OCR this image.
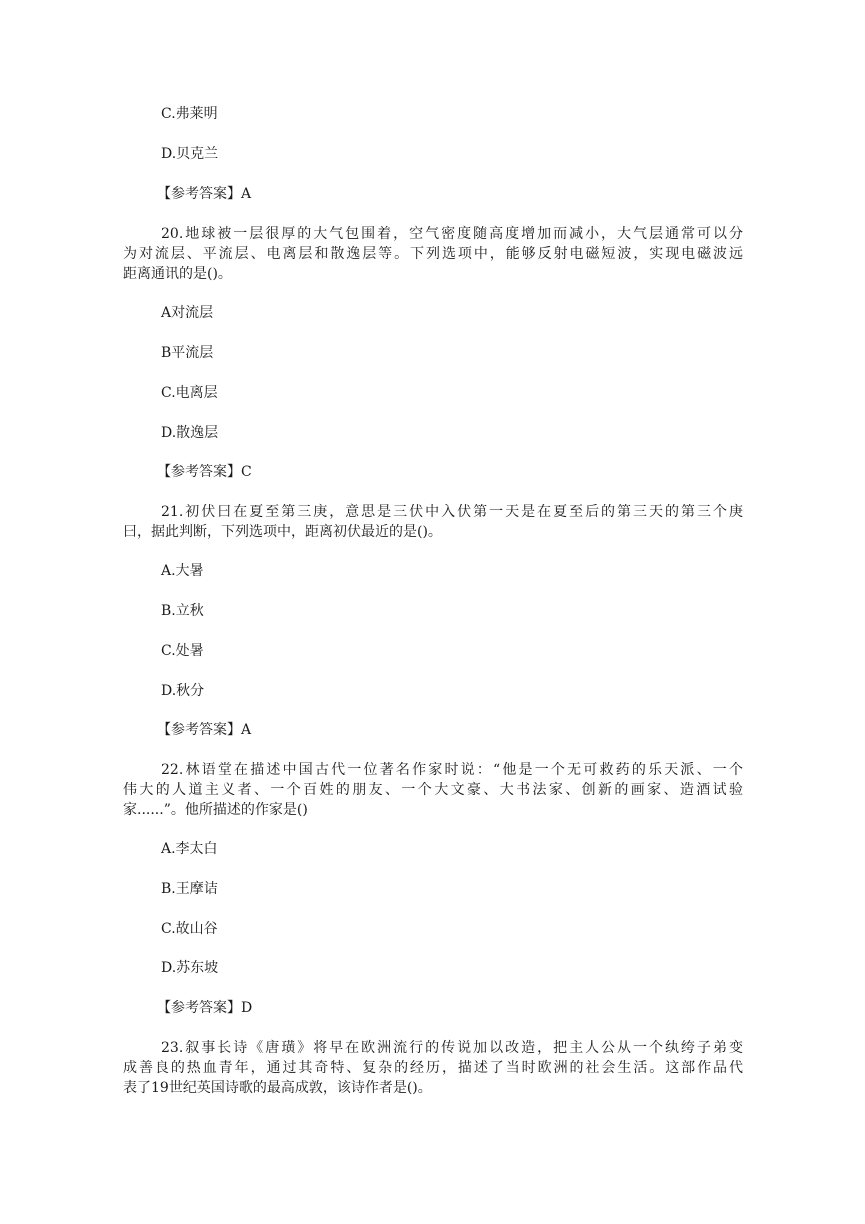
C.弗莱明

D.贝克兰

【参考答案】A

20.地球被一层很厚的大气包围着，空气密度随高度增加而减小，大气层通常可以分
为对流层、平流层、电离层和散逸层等。下列选项中，能够反射电磁短波，实现电磁波远
距离通讯的是()。

A对流层

B平流层

C.电离层

D.散逸层

【参考答案】C

21.初伏曰在夏至第三庚，意思是三伏中入伏第一天是在夏至后的第三天的第三个庚
曰，据此判断，下列选项中，距离初伏最近的是()。

A.大暑

B.立秋

C.处暑

D.秋分

【参考答案】A

22.林语堂在描述中国古代一位著名作家时说：“他是一个无可救药的乐天派、一个
伟大的人道主义者、一个百姓的朋友、一个大文豪、大书法家、创新的画家、造酒试验
家......”。他所描述的作家是()

A.李太白

B.王摩诘

C.故山谷

D.苏东坡

【参考答案】D

23.叙事长诗《唐璜》将早在欧洲流行的传说加以改造，把主人公从一个纨绔子弟变
成善良的热血青年，通过其奇特、复杂的经历，描述了当时欧洲的社会生活。这部作品代
表了19世纪英国诗歌的最高成敦，该诗作者是()。
